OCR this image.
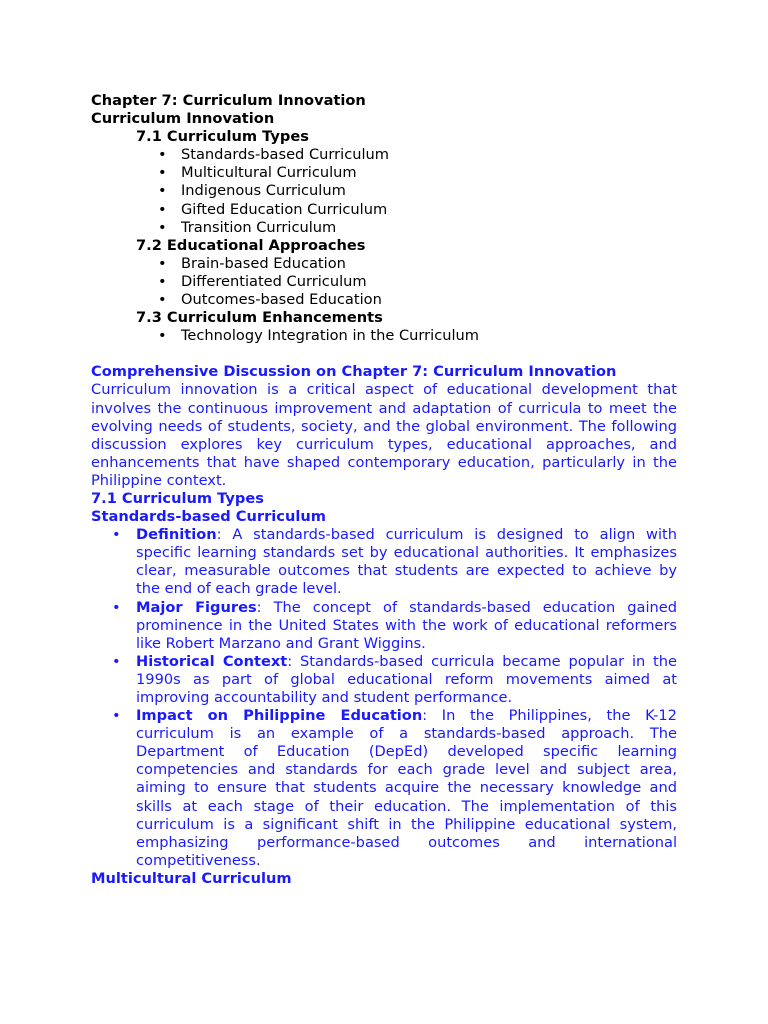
Chapter 7: Curriculum Innovation
Curriculum Innovation
7.1 Curriculum Types
• Standards-based Curriculum
• Multicultural Curriculum
• Indigenous Curriculum
• Gifted Education Curriculum
• Transition Curriculum
7.2 Educational Approaches
• Brain-based Education
• Differentiated Curriculum
• Outcomes-based Education
7.3 Curriculum Enhancements
• Technology Integration in the Curriculum
Comprehensive Discussion on Chapter 7: Curriculum Innovation
Curriculum innovation is a critical aspect of educational development that involves the continuous improvement and adaptation of curricula to meet the evolving needs of students, society, and the global environment. The following discussion explores key curriculum types, educational approaches, and enhancements that have shaped contemporary education, particularly in the Philippine context.
7.1 Curriculum Types
Standards-based Curriculum
• Definition: A standards-based curriculum is designed to align with specific learning standards set by educational authorities. It emphasizes clear, measurable outcomes that students are expected to achieve by the end of each grade level.
• Major Figures: The concept of standards-based education gained prominence in the United States with the work of educational reformers like Robert Marzano and Grant Wiggins.
• Historical Context: Standards-based curricula became popular in the 1990s as part of global educational reform movements aimed at improving accountability and student performance.
• Impact on Philippine Education: In the Philippines, the K-12 curriculum is an example of a standards-based approach. The Department of Education (DepEd) developed specific learning competencies and standards for each grade level and subject area, aiming to ensure that students acquire the necessary knowledge and skills at each stage of their education. The implementation of this curriculum is a significant shift in the Philippine educational system, emphasizing performance-based outcomes and international competitiveness.
Multicultural Curriculum
